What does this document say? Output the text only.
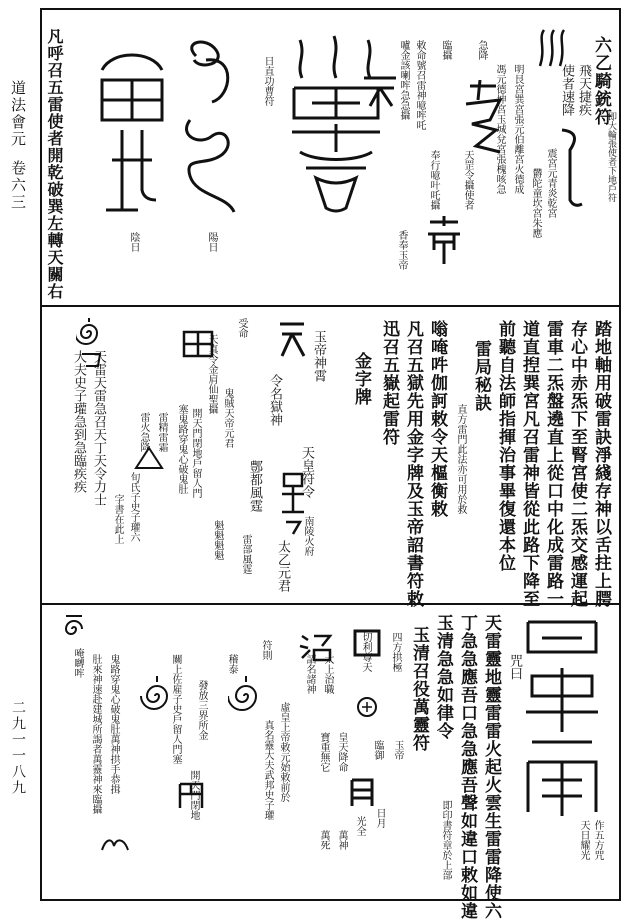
道法會元
卷六三
二九一一八九
六乙騎銃符
即大輪張使者下地戶符
飛天捷疾
使者速降
震宮元青炎乾宮
欝陀童坎宮朱應
明艮宮巽宮張元伯離宮火德成
馮元德坤宮玉城兌宮張槐咳急
急降
天罡令攝使者
臨攝
奉行噫叶吒攝
香奉玉帝
敕命號召雷神噫哰吒
嚧金該喇哰急急攝
日直功曹符
陽日
陰日
凡呼召五雷使者開乾破巽左轉天關右
踏地軸用破雷訣淨綫存神以舌拄上腭
存心中赤炁下至腎宮使二炁交感運起
雷車二炁盤遶直上從口中化成雷路一
道直揑巽宮凡召雷神皆從此路下降至
前聽自法師指揮治事畢復還本位
雷局秘訣
直方雷門此法亦可用於救
嗡唵吽伽訶敕令天樞衡敕
凡召五獄先用金字牌及玉帝詔書符敕
迅召五嶽起雷符
金字牌
玉帝神霄
天皇符令
太乙元君
令名獄神
鄷都風霆
南陵火府
雷部風霆
受命
鬼賊天帝元君
天真令金肩仙聖攝
開天門閉地戶留人門
塞鬼路穿鬼心破鬼肚
雷精雷霜
雷火急降
天雷天雷急召天丁天令力士
大夫史子瓘急到急臨疾疾
旬氏子史子瓘六
字書在此上	魁魁魁魁
作五方咒
天日耀光
天雷靈地靈雷雷火起火雲生雷雷降使六
丁急急應吾口急急應吾聲如違口敕如違
玉清急急如律令
玉清召役萬靈符
即印書符章於上部
咒曰
四方拱極
玉帝
日月
光全
切利尊天
臨御
太上治職
皇天降命
萬神
詔名諸神
寶重無它
萬死
符則
虛皇上帝敕元始敕前於
稽泰
真名靈大夫武邦史子瓘
發放三界所金
開天門閉地
關上佐雇子史戶留人門塞
鬼路穿鬼心破鬼肚萬神拱手恭揖
肚來神速赴建城所謁者萬靈神來臨攝
唵嚩哰
